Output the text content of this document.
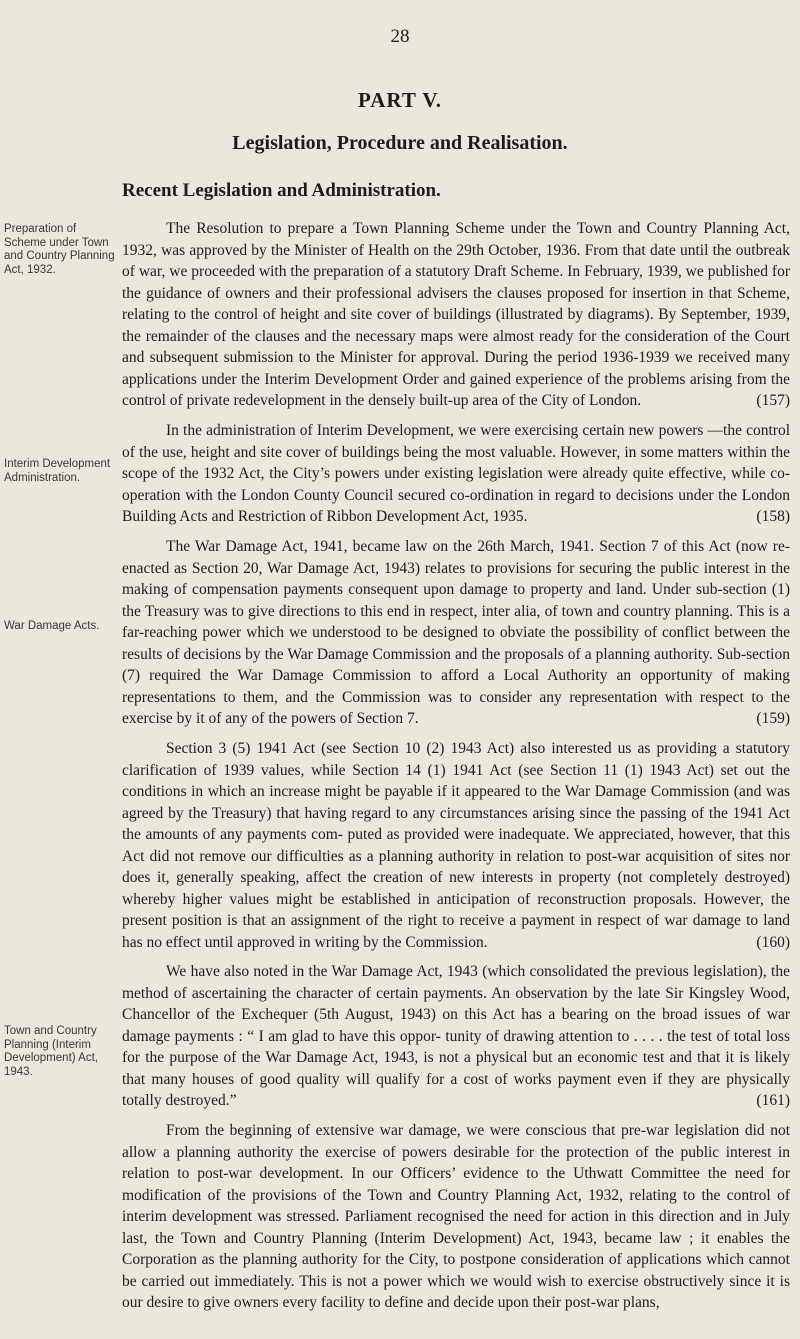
28
PART V.
Legislation, Procedure and Realisation.
Recent Legislation and Administration.
Preparation of Scheme under Town and Country Planning Act, 1932.
Interim Development Administration.
War Damage Acts.
Town and Country Planning (Interim Development) Act, 1943.

The Resolution to prepare a Town Planning Scheme under the Town and Country Planning Act, 1932, was approved by the Minister of Health on the 29th October, 1936. From that date until the outbreak of war, we proceeded with the preparation of a statutory Draft Scheme. In February, 1939, we published for the guidance of owners and their professional advisers the clauses proposed for insertion in that Scheme, relating to the control of height and site cover of buildings (illustrated by diagrams). By September, 1939, the remainder of the clauses and the necessary maps were almost ready for the consideration of the Court and subsequent submission to the Minister for approval. During the period 1936-1939 we received many applications under the Interim Development Order and gained experience of the problems arising from the control of private redevelopment in the densely built-up area of the City of London.	(157)

In the administration of Interim Development, we were exercising certain new powers —the control of the use, height and site cover of buildings being the most valuable. However, in some matters within the scope of the 1932 Act, the City’s powers under existing legislation were already quite effective, while co-operation with the London County Council secured co-ordination in regard to decisions under the London Building Acts and Restriction of Ribbon Development Act, 1935.	(158)

The War Damage Act, 1941, became law on the 26th March, 1941. Section 7 of this Act (now re-enacted as Section 20, War Damage Act, 1943) relates to provisions for securing the public interest in the making of compensation payments consequent upon damage to property and land. Under sub-section (1) the Treasury was to give directions to this end in respect, inter alia, of town and country planning. This is a far-reaching power which we understood to be designed to obviate the possibility of conflict between the results of decisions by the War Damage Commission and the proposals of a planning authority. Sub-section (7) required the War Damage Commission to afford a Local Authority an opportunity of making representations to them, and the Commission was to consider any representation with respect to the exercise by it of any of the powers of Section 7.	(159)

Section 3 (5) 1941 Act (see Section 10 (2) 1943 Act) also interested us as providing a statutory clarification of 1939 values, while Section 14 (1) 1941 Act (see Section 11 (1) 1943 Act) set out the conditions in which an increase might be payable if it appeared to the War Damage Commission (and was agreed by the Treasury) that having regard to any circumstances arising since the passing of the 1941 Act the amounts of any payments com- puted as provided were inadequate. We appreciated, however, that this Act did not remove our difficulties as a planning authority in relation to post-war acquisition of sites nor does it, generally speaking, affect the creation of new interests in property (not completely destroyed) whereby higher values might be established in anticipation of reconstruction proposals. However, the present position is that an assignment of the right to receive a payment in respect of war damage to land has no effect until approved in writing by the Commission.	(160)

We have also noted in the War Damage Act, 1943 (which consolidated the previous legislation), the method of ascertaining the character of certain payments. An observation by the late Sir Kingsley Wood, Chancellor of the Exchequer (5th August, 1943) on this Act has a bearing on the broad issues of war damage payments : “ I am glad to have this oppor- tunity of drawing attention to . . . . the test of total loss for the purpose of the War Damage Act, 1943, is not a physical but an economic test and that it is likely that many houses of good quality will qualify for a cost of works payment even if they are physically totally destroyed.”	(161)

From the beginning of extensive war damage, we were conscious that pre-war legislation did not allow a planning authority the exercise of powers desirable for the protection of the public interest in relation to post-war development. In our Officers’ evidence to the Uthwatt Committee the need for modification of the provisions of the Town and Country Planning Act, 1932, relating to the control of interim development was stressed. Parliament recognised the need for action in this direction and in July last, the Town and Country Planning (Interim Development) Act, 1943, became law ; it enables the Corporation as the planning authority for the City, to postpone consideration of applications which cannot be carried out immediately. This is not a power which we would wish to exercise obstructively since it is our desire to give owners every facility to define and decide upon their post-war plans,
